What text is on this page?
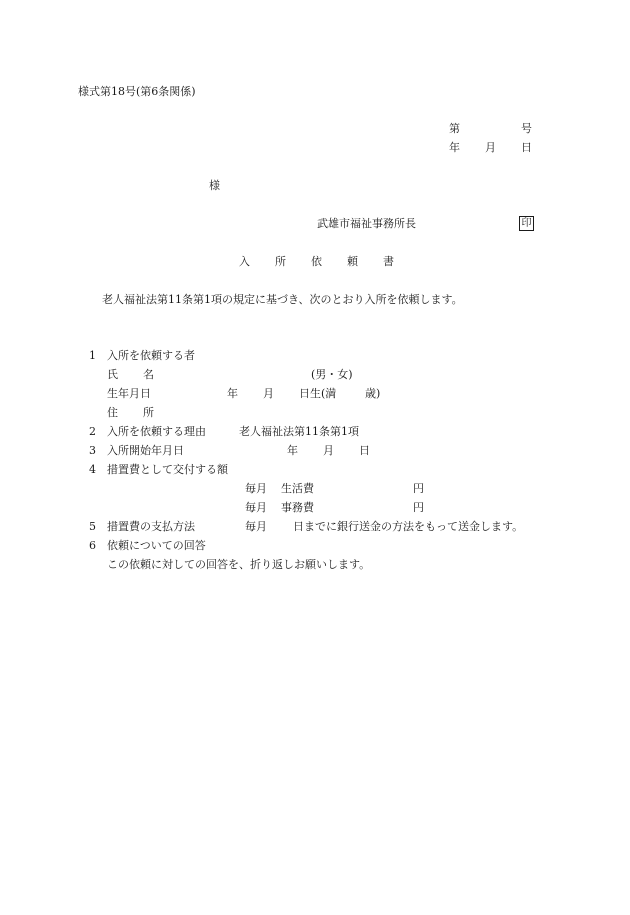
様式第18号(第6条関係)
第	号
年 月 日
様
武雄市福祉事務所長	印
入 所 依 頼 書
老人福祉法第11条第1項の規定に基づき、次のとおり入所を依頼します。
1 入所を依頼する者
氏 名	(男・女)
生年月日	年 月 日生(満	歳)
住 所
2 入所を依頼する理由	老人福祉法第11条第1項
3 入所開始年月日	年 月 日
4 措置費として交付する額
毎月 生活費	円
毎月 事務費	円
5 措置費の支払方法	毎月 日までに銀行送金の方法をもって送金します。
6 依頼についての回答
この依頼に対しての回答を、折り返しお願いします。
